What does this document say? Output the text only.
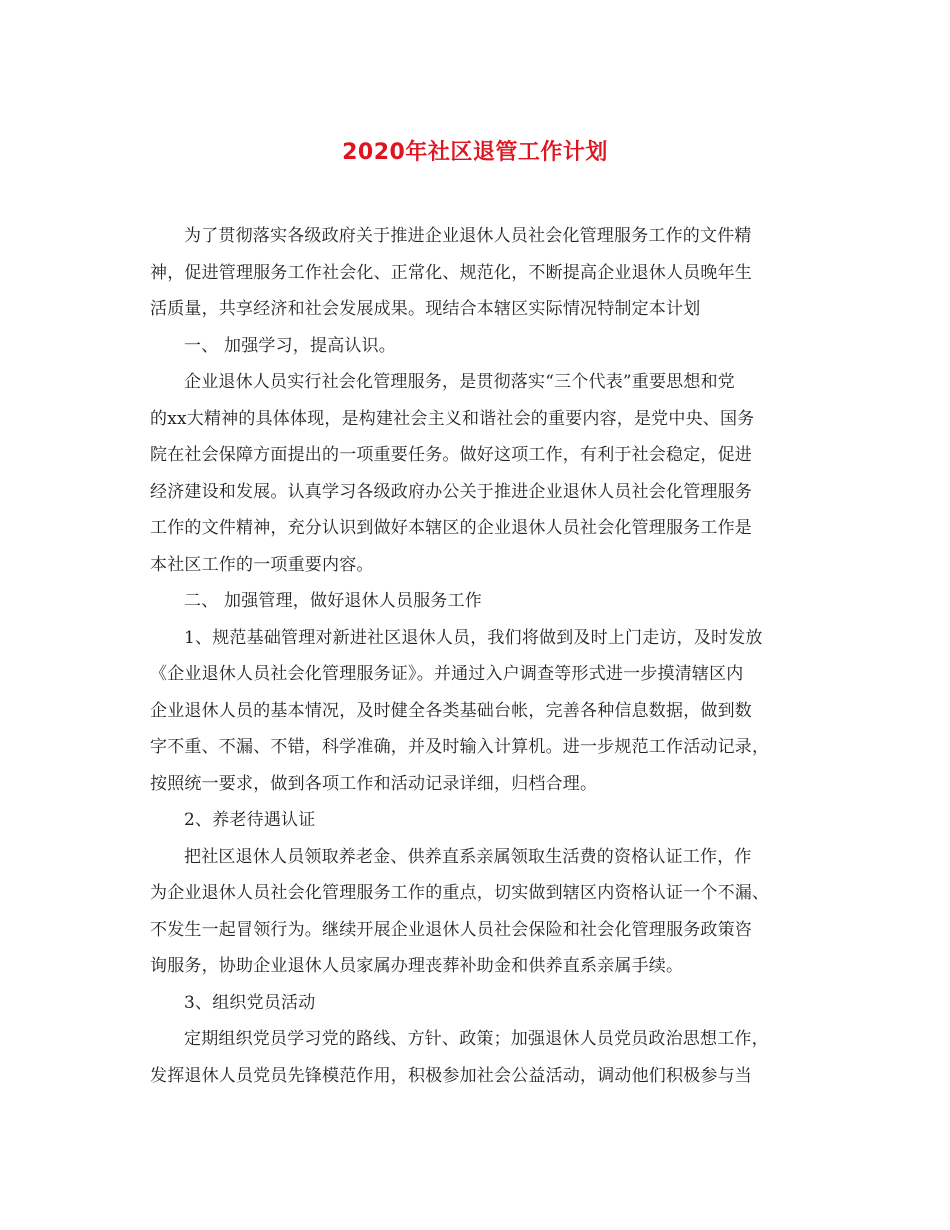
2020年社区退管工作计划
为了贯彻落实各级政府关于推进企业退休人员社会化管理服务工作的文件精
神，促进管理服务工作社会化、正常化、规范化，不断提高企业退休人员晚年生
活质量，共享经济和社会发展成果。现结合本辖区实际情况特制定本计划
一、 加强学习，提高认识。
企业退休人员实行社会化管理服务，是贯彻落实“三个代表”重要思想和党
的xx大精神的具体体现，是构建社会主义和谐社会的重要内容，是党中央、国务
院在社会保障方面提出的一项重要任务。做好这项工作，有利于社会稳定，促进
经济建设和发展。认真学习各级政府办公关于推进企业退休人员社会化管理服务
工作的文件精神，充分认识到做好本辖区的企业退休人员社会化管理服务工作是
本社区工作的一项重要内容。
二、 加强管理，做好退休人员服务工作
1、规范基础管理对新进社区退休人员，我们将做到及时上门走访，及时发放
《企业退休人员社会化管理服务证》。并通过入户调查等形式进一步摸清辖区内
企业退休人员的基本情况，及时健全各类基础台帐，完善各种信息数据，做到数
字不重、不漏、不错，科学准确，并及时输入计算机。进一步规范工作活动记录，
按照统一要求，做到各项工作和活动记录详细，归档合理。
2、养老待遇认证
把社区退休人员领取养老金、供养直系亲属领取生活费的资格认证工作，作
为企业退休人员社会化管理服务工作的重点，切实做到辖区内资格认证一个不漏、
不发生一起冒领行为。继续开展企业退休人员社会保险和社会化管理服务政策咨
询服务，协助企业退休人员家属办理丧葬补助金和供养直系亲属手续。
3、组织党员活动
定期组织党员学习党的路线、方针、政策；加强退休人员党员政治思想工作，
发挥退休人员党员先锋模范作用，积极参加社会公益活动，调动他们积极参与当
